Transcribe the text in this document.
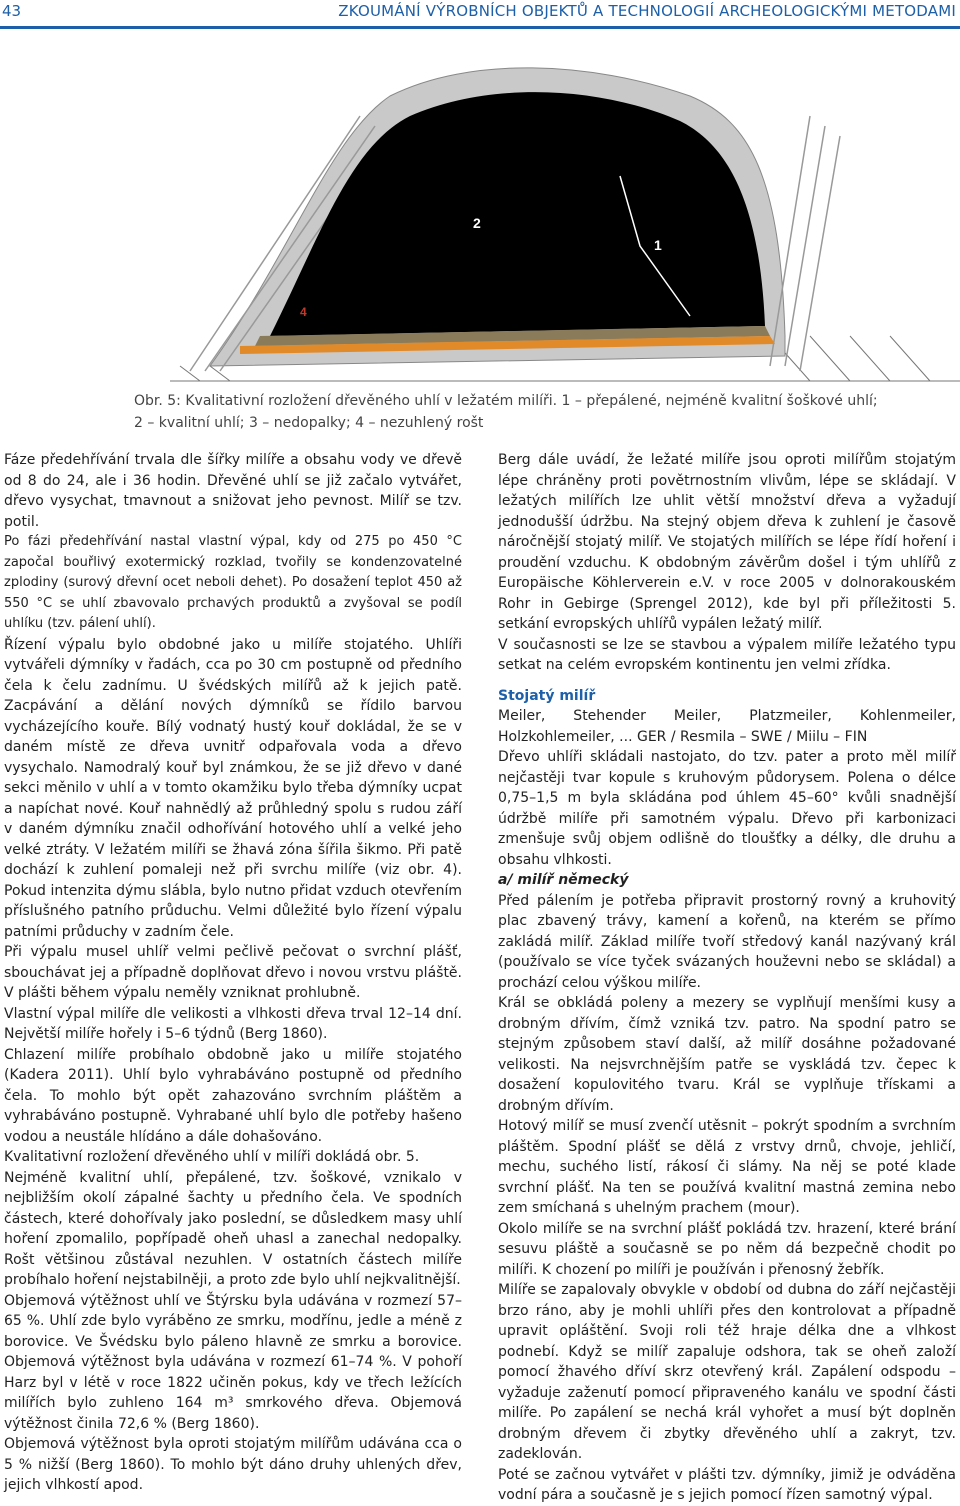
43	ZKOUMÁNÍ VÝROBNÍCH OBJEKTŮ A TECHNOLOGIÍ ARCHEOLOGICKÝMI METODAMI
2
1
3
4
Obr. 5: Kvalitativní rozložení dřevěného uhlí v ležatém milíři. 1 – přepálené, nejméně kvalitní šoškové uhlí;
2 – kvalitní uhlí; 3 – nedopalky; 4 – nezuhlený rošt

Fáze předehřívání trvala dle šířky milíře a obsahu vody ve dřevě od 8 do 24, ale i 36 hodin. Dřevěné uhlí se již začalo vytvářet, dřevo vysychat, tmavnout a snižovat jeho pevnost. Milíř se tzv. potil.

Po fázi předehřívání nastal vlastní výpal, kdy od 275 po 450 °C započal bouřlivý exotermický rozklad, tvořily se kondenzovatelné zplodiny (surový dřevní ocet neboli dehet). Po dosažení teplot 450 až 550 °C se uhlí zbavovalo prchavých produktů a zvyšoval se podíl uhlíku (tzv. pálení uhlí).

Řízení výpalu bylo obdobné jako u milíře stojatého. Uhlíři vytvářeli dýmníky v řadách, cca po 30 cm postupně od předního čela k čelu zadnímu. U švédských milířů až k jejich patě. Zacpávání a dělání nových dýmníků se řídilo barvou vycházejícího kouře. Bílý vodnatý hustý kouř dokládal, že se v daném místě ze dřeva uvnitř odpařovala voda a dřevo vysychalo. Namodralý kouř byl známkou, že se již dřevo v dané sekci měnilo v uhlí a v tomto okamžiku bylo třeba dýmníky ucpat a napíchat nové. Kouř nahnědlý až průhledný spolu s rudou září v daném dýmníku značil odhořívání hotového uhlí a velké jeho velké ztráty. V ležatém milíři se žhavá zóna šířila šikmo. Při patě dochází k zuhlení pomaleji než při svrchu milíře (viz obr. 4). Pokud intenzita dýmu slábla, bylo nutno přidat vzduch otevřením příslušného patního průduchu. Velmi důležité bylo řízení výpalu patními průduchy v zadním čele.

Při výpalu musel uhlíř velmi pečlivě pečovat o svrchní plášť, sbouchávat jej a případně doplňovat dřevo i novou vrstvu pláště. V plášti během výpalu neměly vzniknat prohlubně.

Vlastní výpal milíře dle velikosti a vlhkosti dřeva trval 12–14 dní. Největší milíře hořely i 5–6 týdnů (Berg 1860).

Chlazení milíře probíhalo obdobně jako u milíře stojatého (Kadera 2011). Uhlí bylo vyhrabáváno postupně od předního čela. To mohlo být opět zahazováno svrchním pláštěm a vyhrabáváno postupně. Vyhrabané uhlí bylo dle potřeby hašeno vodou a neustále hlídáno a dále dohašováno.

Kvalitativní rozložení dřevěného uhlí v milíři dokládá obr. 5.

Nejméně kvalitní uhlí, přepálené, tzv. šoškové, vznikalo v nejbližším okolí zápalné šachty u předního čela. Ve spodních částech, které dohořívaly jako poslední, se důsledkem masy uhlí hoření zpomalilo, popřípadě oheň uhasl a zanechal nedopalky. Rošt většinou zůstával nezuhlen. V ostatních částech milíře probíhalo hoření nejstabilněji, a proto zde bylo uhlí nejkvalitnější.

Objemová výtěžnost uhlí ve Štýrsku byla udávána v rozmezí 57–65 %. Uhlí zde bylo vyráběno ze smrku, modřínu, jedle a méně z borovice. Ve Švédsku bylo páleno hlavně ze smrku a borovice. Objemová výtěžnost byla udávána v rozmezí 61–74 %. V pohoří Harz byl v létě v roce 1822 učiněn pokus, kdy ve třech ležících milířích bylo zuhleno 164 m³ smrkového dřeva. Objemová výtěžnost činila 72,6 % (Berg 1860).

Objemová výtěžnost byla oproti stojatým milířům udávána cca o 5 % nižší (Berg 1860). To mohlo být dáno druhy uhlených dřev, jejich vlhkostí apod.

Berg dále uvádí, že ležaté milíře jsou oproti milířům stojatým lépe chráněny proti povětrnostním vlivům, lépe se skládají. V ležatých milířích lze uhlit větší množství dřeva a vyžadují jednodušší údržbu. Na stejný objem dřeva k zuhlení je časově náročnější stojatý milíř. Ve stojatých milířích se lépe řídí hoření i proudění vzduchu. K obdobným závěrům došel i tým uhlířů z Europäische Köhlerverein e.V. v roce 2005 v dolnorakouském Rohr in Gebirge (Sprengel 2012), kde byl při příležitosti 5. setkání evropských uhlířů vypálen ležatý milíř.

V současnosti se lze se stavbou a výpalem milíře ležatého typu setkat na celém evropském kontinentu jen velmi zřídka.

Stojatý milíř

Meiler, Stehender Meiler, Platzmeiler, Kohlenmeiler, Holzkohlemeiler, ... GER / Resmila – SWE / Miilu – FIN

Dřevo uhlíři skládali nastojato, do tzv. pater a proto měl milíř nejčastěji tvar kopule s kruhovým půdorysem. Polena o délce 0,75–1,5 m byla skládána pod úhlem 45–60° kvůli snadnější údržbě milíře při samotném výpalu. Dřevo při karbonizaci zmenšuje svůj objem odlišně do tloušťky a délky, dle druhu a obsahu vlhkosti.

a/ milíř německý

Před pálením je potřeba připravit prostorný rovný a kruhovitý plac zbavený trávy, kamení a kořenů, na kterém se přímo zakládá milíř. Základ milíře tvoří středový kanál nazývaný král (používalo se více tyček svázaných houževni nebo se skládal) a prochází celou výškou milíře.

Král se obkládá poleny a mezery se vyplňují menšími kusy a drobným dřívím, čímž vzniká tzv. patro. Na spodní patro se stejným způsobem staví další, až milíř dosáhne požadované velikosti. Na nejsvrchnějším patře se vyskládá tzv. čepec k dosažení kopulovitého tvaru. Král se vyplňuje třískami a drobným dřívím.

Hotový milíř se musí zvenčí utěsnit – pokrýt spodním a svrchním pláštěm. Spodní plášť se dělá z vrstvy drnů, chvoje, jehličí, mechu, suchého listí, rákosí či slámy. Na něj se poté klade svrchní plášť. Na ten se používá kvalitní mastná zemina nebo zem smíchaná s uhelným prachem (mour).

Okolo milíře se na svrchní plášť pokládá tzv. hrazení, které brání sesuvu pláště a současně se po něm dá bezpečně chodit po milíři. K chození po milíři je používán i přenosný žebřík.

Milíře se zapalovaly obvykle v období od dubna do září nejčastěji brzo ráno, aby je mohli uhlíři přes den kontrolovat a případně upravit opláštění. Svoji roli též hraje délka dne a vlhkost podnebí. Když se milíř zapaluje odshora, tak se oheň založí pomocí žhavého dříví skrz otevřený král. Zapálení odspodu – vyžaduje zaženutí pomocí připraveného kanálu ve spodní části milíře. Po zapálení se nechá král vyhořet a musí být doplněn drobným dřevem či zbytky dřevěného uhlí a zakryt, tzv. zadeklován.

Poté se začnou vytvářet v plášti tzv. dýmníky, jimiž je odváděna vodní pára a současně je s jejich pomocí řízen samotný výpal.
